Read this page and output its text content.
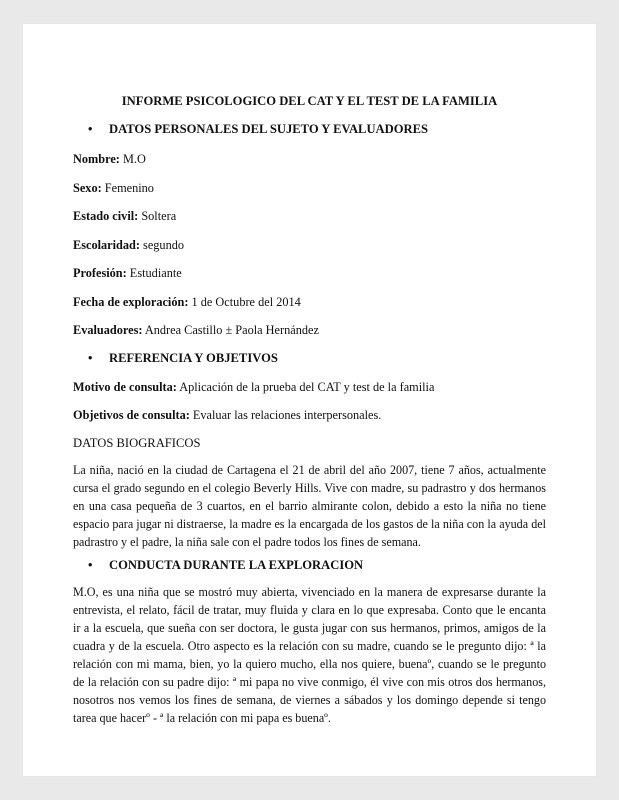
INFORME PSICOLOGICO DEL CAT Y EL TEST DE LA FAMILIA
• DATOS PERSONALES DEL SUJETO Y EVALUADORES
Nombre: M.O
Sexo: Femenino
Estado civil: Soltera
Escolaridad: segundo
Profesión: Estudiante
Fecha de exploración: 1 de Octubre del 2014
Evaluadores: Andrea Castillo ± Paola Hernández
• REFERENCIA Y OBJETIVOS
Motivo de consulta: Aplicación de la prueba del CAT y test de la familia
Objetivos de consulta: Evaluar las relaciones interpersonales.
DATOS BIOGRAFICOS
La niña, nació en la ciudad de Cartagena el 21 de abril del año 2007, tiene 7 años, actualmente
cursa el grado segundo en el colegio Beverly Hills. Vive con madre, su padrastro y dos hermanos
en una casa pequeña de 3 cuartos, en el barrio almirante colon, debido a esto la niña no tiene
espacio para jugar ni distraerse, la madre es la encargada de los gastos de la niña con la ayuda del
padrastro y el padre, la niña sale con el padre todos los fines de semana.
• CONDUCTA DURANTE LA EXPLORACION
M.O, es una niña que se mostró muy abierta, vivenciado en la manera de expresarse durante la
entrevista, el relato, fácil de tratar, muy fluida y clara en lo que expresaba. Conto que le encanta
ir a la escuela, que sueña con ser doctora, le gusta jugar con sus hermanos, primos, amigos de la
cuadra y de la escuela. Otro aspecto es la relación con su madre, cuando se le pregunto dijo: ª la
relación con mi mama, bien, yo la quiero mucho, ella nos quiere, buenaº, cuando se le pregunto
de la relación con su padre dijo: ª mi papa no vive conmigo, él vive con mis otros dos hermanos,
nosotros nos vemos los fines de semana, de viernes a sábados y los domingo depende si tengo
tarea que hacerº - ª la relación con mi papa es buenaº.
